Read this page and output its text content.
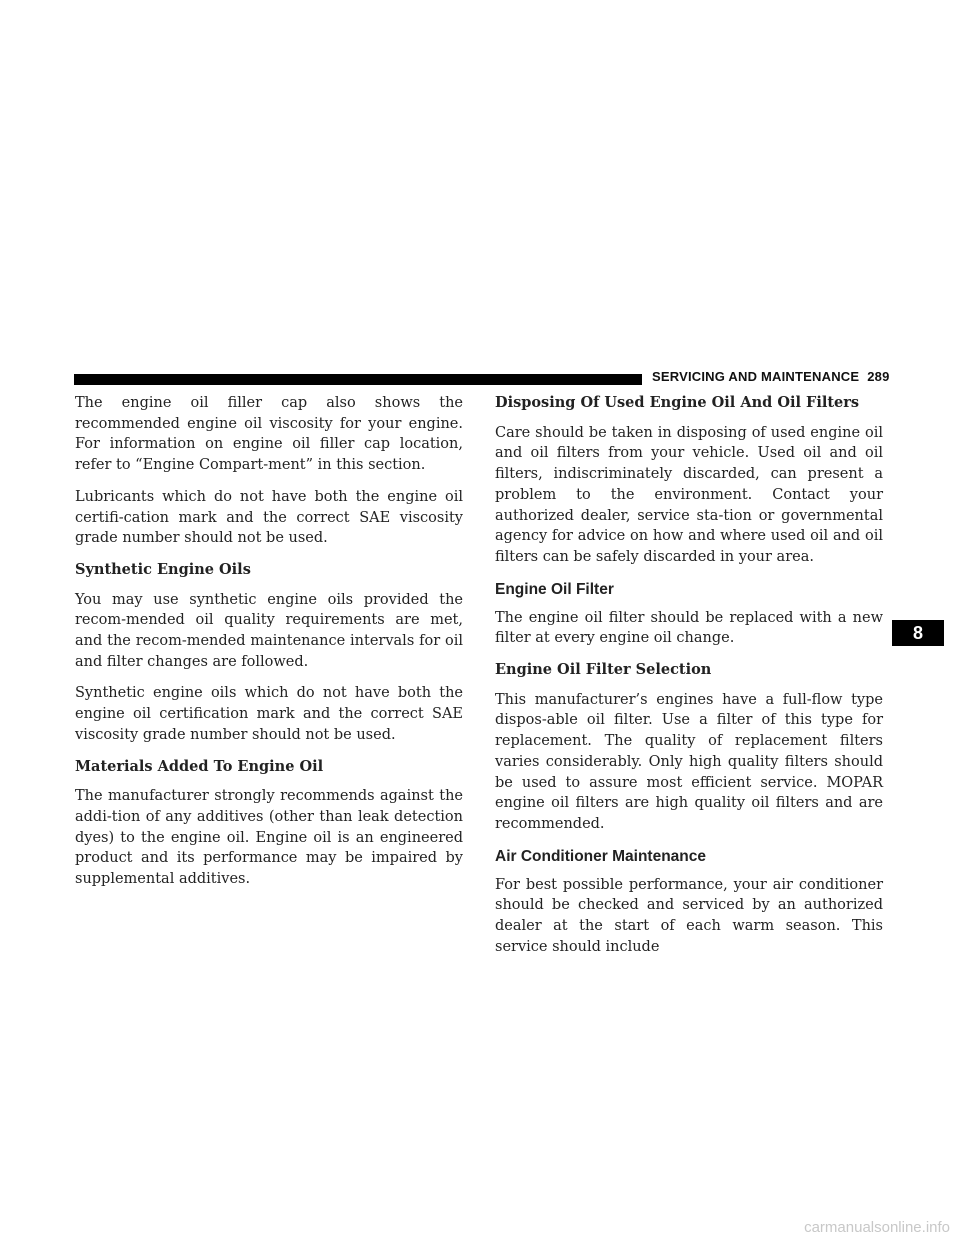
SERVICING AND MAINTENANCE 289

The engine oil filler cap also shows the recommended engine oil viscosity for your engine. For information on engine oil filler cap location, refer to “Engine Compart-ment” in this section.

Lubricants which do not have both the engine oil certifi-cation mark and the correct SAE viscosity grade number should not be used.

Synthetic Engine Oils

You may use synthetic engine oils provided the recom-mended oil quality requirements are met, and the recom-mended maintenance intervals for oil and filter changes are followed.

Synthetic engine oils which do not have both the engine oil certification mark and the correct SAE viscosity grade number should not be used.

Materials Added To Engine Oil

The manufacturer strongly recommends against the addi-tion of any additives (other than leak detection dyes) to the engine oil. Engine oil is an engineered product and its performance may be impaired by supplemental additives.

Disposing Of Used Engine Oil And Oil Filters

Care should be taken in disposing of used engine oil and oil filters from your vehicle. Used oil and oil filters, indiscriminately discarded, can present a problem to the environment. Contact your authorized dealer, service sta-tion or governmental agency for advice on how and where used oil and oil filters can be safely discarded in your area.

Engine Oil Filter

The engine oil filter should be replaced with a new filter at every engine oil change.

Engine Oil Filter Selection

This manufacturer’s engines have a full-flow type dispos-able oil filter. Use a filter of this type for replacement. The quality of replacement filters varies considerably. Only high quality filters should be used to assure most efficient service. MOPAR engine oil filters are high quality oil filters and are recommended.

Air Conditioner Maintenance

For best possible performance, your air conditioner should be checked and serviced by an authorized dealer at the start of each warm season. This service should include

8
carmanualsonline.info
